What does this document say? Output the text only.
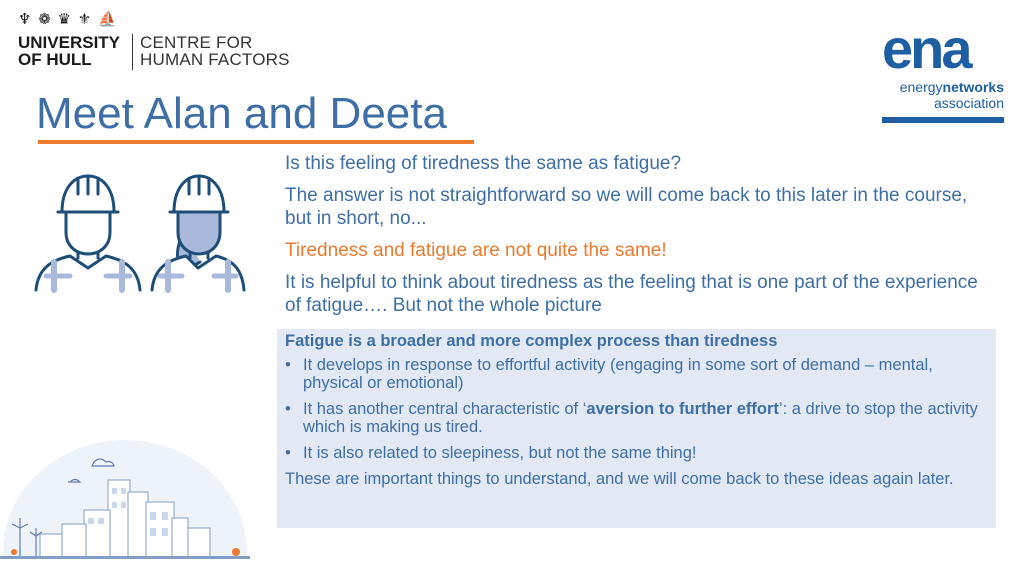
♆ ❁ ♛ ⚜ ⛵
UNIVERSITY
OF HULL
CENTRE FOR
HUMAN FACTORS	ena
energynetworks
association
Meet Alan and Deeta

Is this feeling of tiredness the same as fatigue?

The answer is not straightforward so we will come back to this later in the course, but in short, no...

Tiredness and fatigue are not quite the same!

It is helpful to think about tiredness as the feeling that is one part of the experience of fatigue…. But not the whole picture

Fatigue is a broader and more complex process than tiredness

• It develops in response to effortful activity (engaging in some sort of demand – mental, physical or emotional)
• It has another central characteristic of ‘aversion to further effort’: a drive to stop the activity which is making us tired.
• It is also related to sleepiness, but not the same thing!

These are important things to understand, and we will come back to these ideas again later.
